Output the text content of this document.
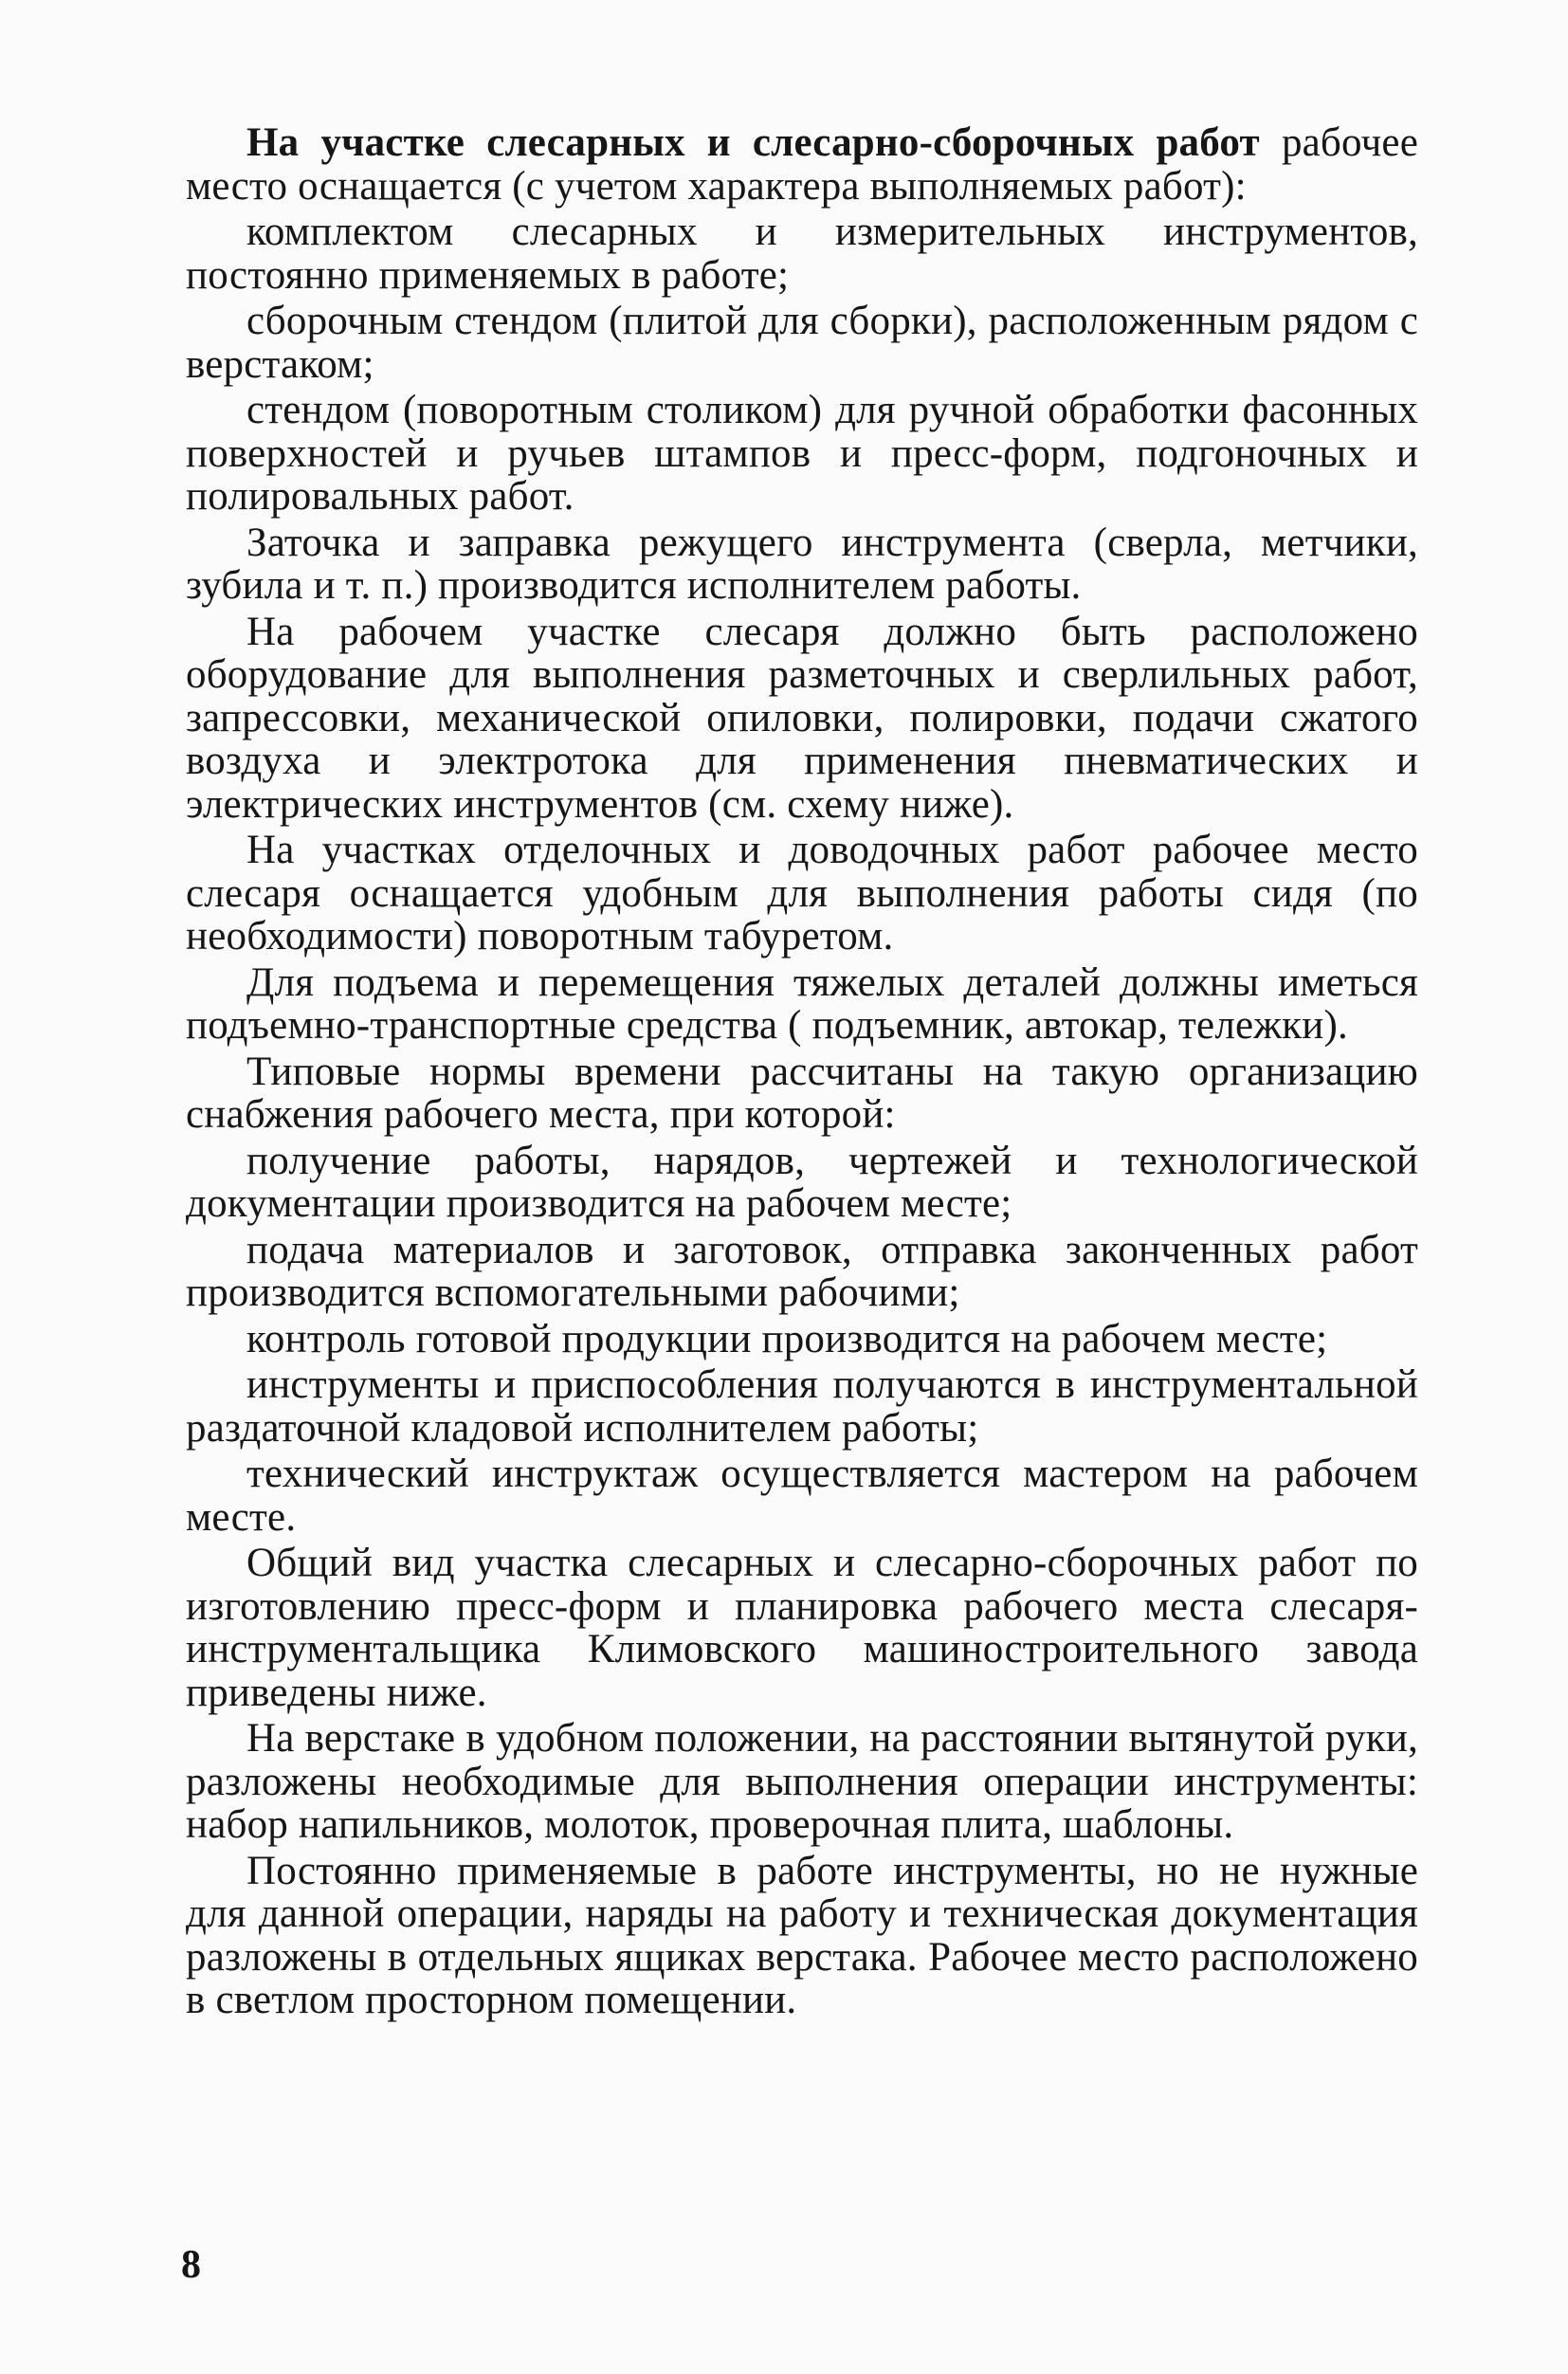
На участке слесарных и слесарно-сборочных работ рабочее место оснащается (с учетом характера выполняемых работ):

комплектом слесарных и измерительных инструментов, постоянно применяемых в работе;

сборочным стендом (плитой для сборки), расположенным рядом с верстаком;

стендом (поворотным столиком) для ручной обработки фасонных поверхностей и ручьев штампов и пресс-форм, подгоночных и полировальных работ.

Заточка и заправка режущего инструмента (сверла, метчики, зубила и т. п.) производится исполнителем работы.

На рабочем участке слесаря должно быть расположено оборудование для выполнения разметочных и сверлильных работ, запрессовки, механической опиловки, полировки, подачи сжатого воздуха и электротока для применения пневматических и электрических инструментов (см. схему ниже).

На участках отделочных и доводочных работ рабочее место слесаря оснащается удобным для выполнения работы сидя (по необходимости) поворотным табуретом.

Для подъема и перемещения тяжелых деталей должны иметься подъемно-транспортные средства ( подъемник, автокар, тележки).

Типовые нормы времени рассчитаны на такую организацию снабжения рабочего места, при которой:

получение работы, нарядов, чертежей и технологической документации производится на рабочем месте;

подача материалов и заготовок, отправка законченных работ производится вспомогательными рабочими;

контроль готовой продукции производится на рабочем месте;

инструменты и приспособления получаются в инструментальной раздаточной кладовой исполнителем работы;

технический инструктаж осуществляется мастером на рабочем месте.

Общий вид участка слесарных и слесарно-сборочных работ по изготовлению пресс-форм и планировка рабочего места слесаря-инструментальщика Климовского машиностроительного завода приведены ниже.

На верстаке в удобном положении, на расстоянии вытянутой руки, разложены необходимые для выполнения операции инструменты: набор напильников, молоток, проверочная плита, шаблоны.

Постоянно применяемые в работе инструменты, но не нужные для данной операции, наряды на работу и техническая документация разложены в отдельных ящиках верстака. Рабочее место расположено в светлом просторном помещении.

8
